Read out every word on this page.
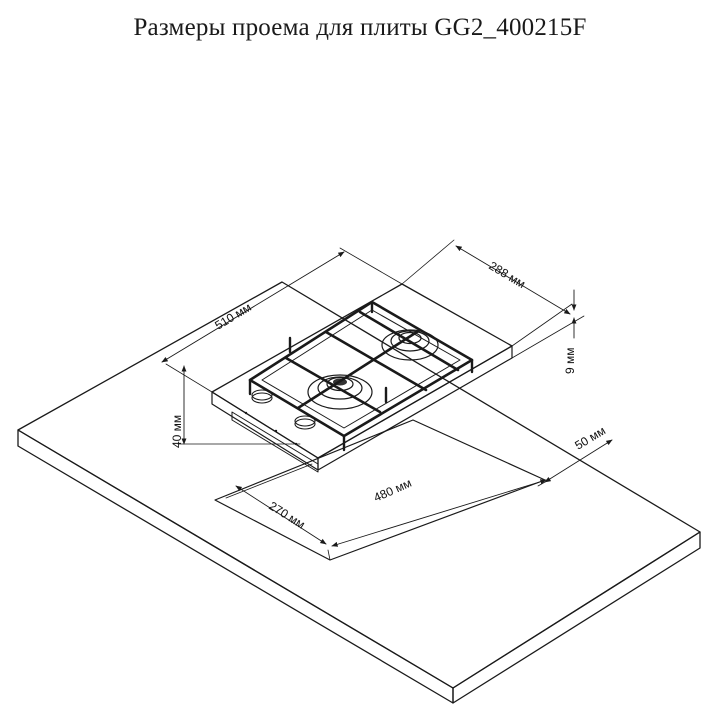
Размеры проема для плиты GG2_400215F
510 мм
288 мм
9 мм
40 мм	50 мм
480 мм
270 мм
